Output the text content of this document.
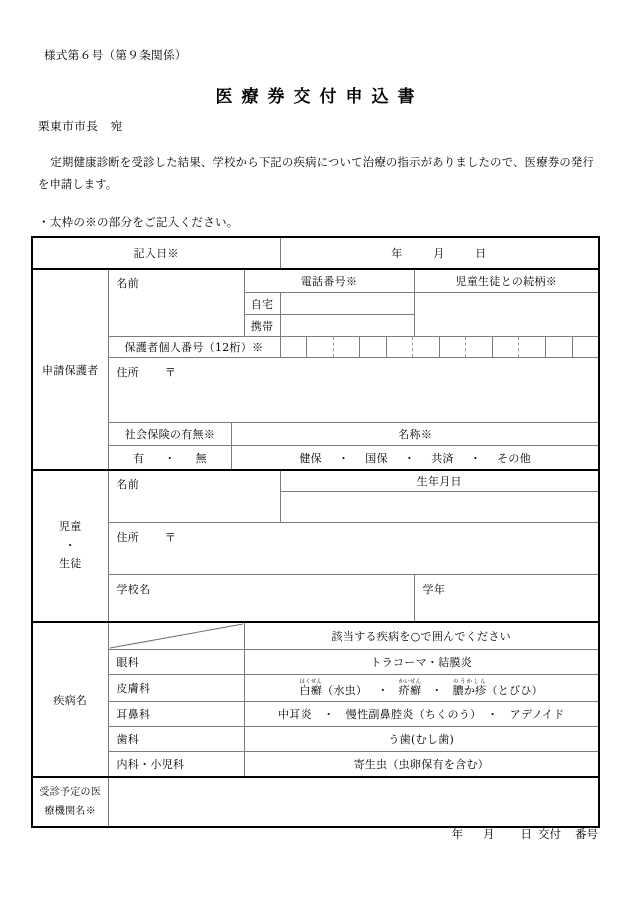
様式第６号（第９条関係）
医療券交付申込書
栗東市市長　宛
定期健康診断を受診した結果、学校から下記の疾病について治療の指示がありましたので、医療券の発行を申請します。
・太枠の※の部分をご記入ください。
記入日※	年	月	日
申請保護者	名前	電話番号※	児童生徒との続柄※
自宅		
携帯	
保護者個人番号（12桁）※	

住所 〒

社会保険の有無※	名称※
有 ・ 無	健保 ・ 国保 ・ 共済 ・ その他

児童
・
生徒
	名前	生年月日

住所 〒
学校名	学年
疾病名	
	該当する疾病を○で囲んでください
眼科	トラコーマ・結膜炎
皮膚科	白癬はくせん（水虫） ・ 疥癬かいせん・ 膿か疹のうかしん（とびひ）
耳鼻科	中耳炎　・　慢性副鼻腔炎（ちくのう）　・　アデノイド
歯科	う歯(むし歯)
内科・小児科	寄生虫（虫卵保有を含む）

受診予定の医
療機関名※

年 月 日 交付 番号
